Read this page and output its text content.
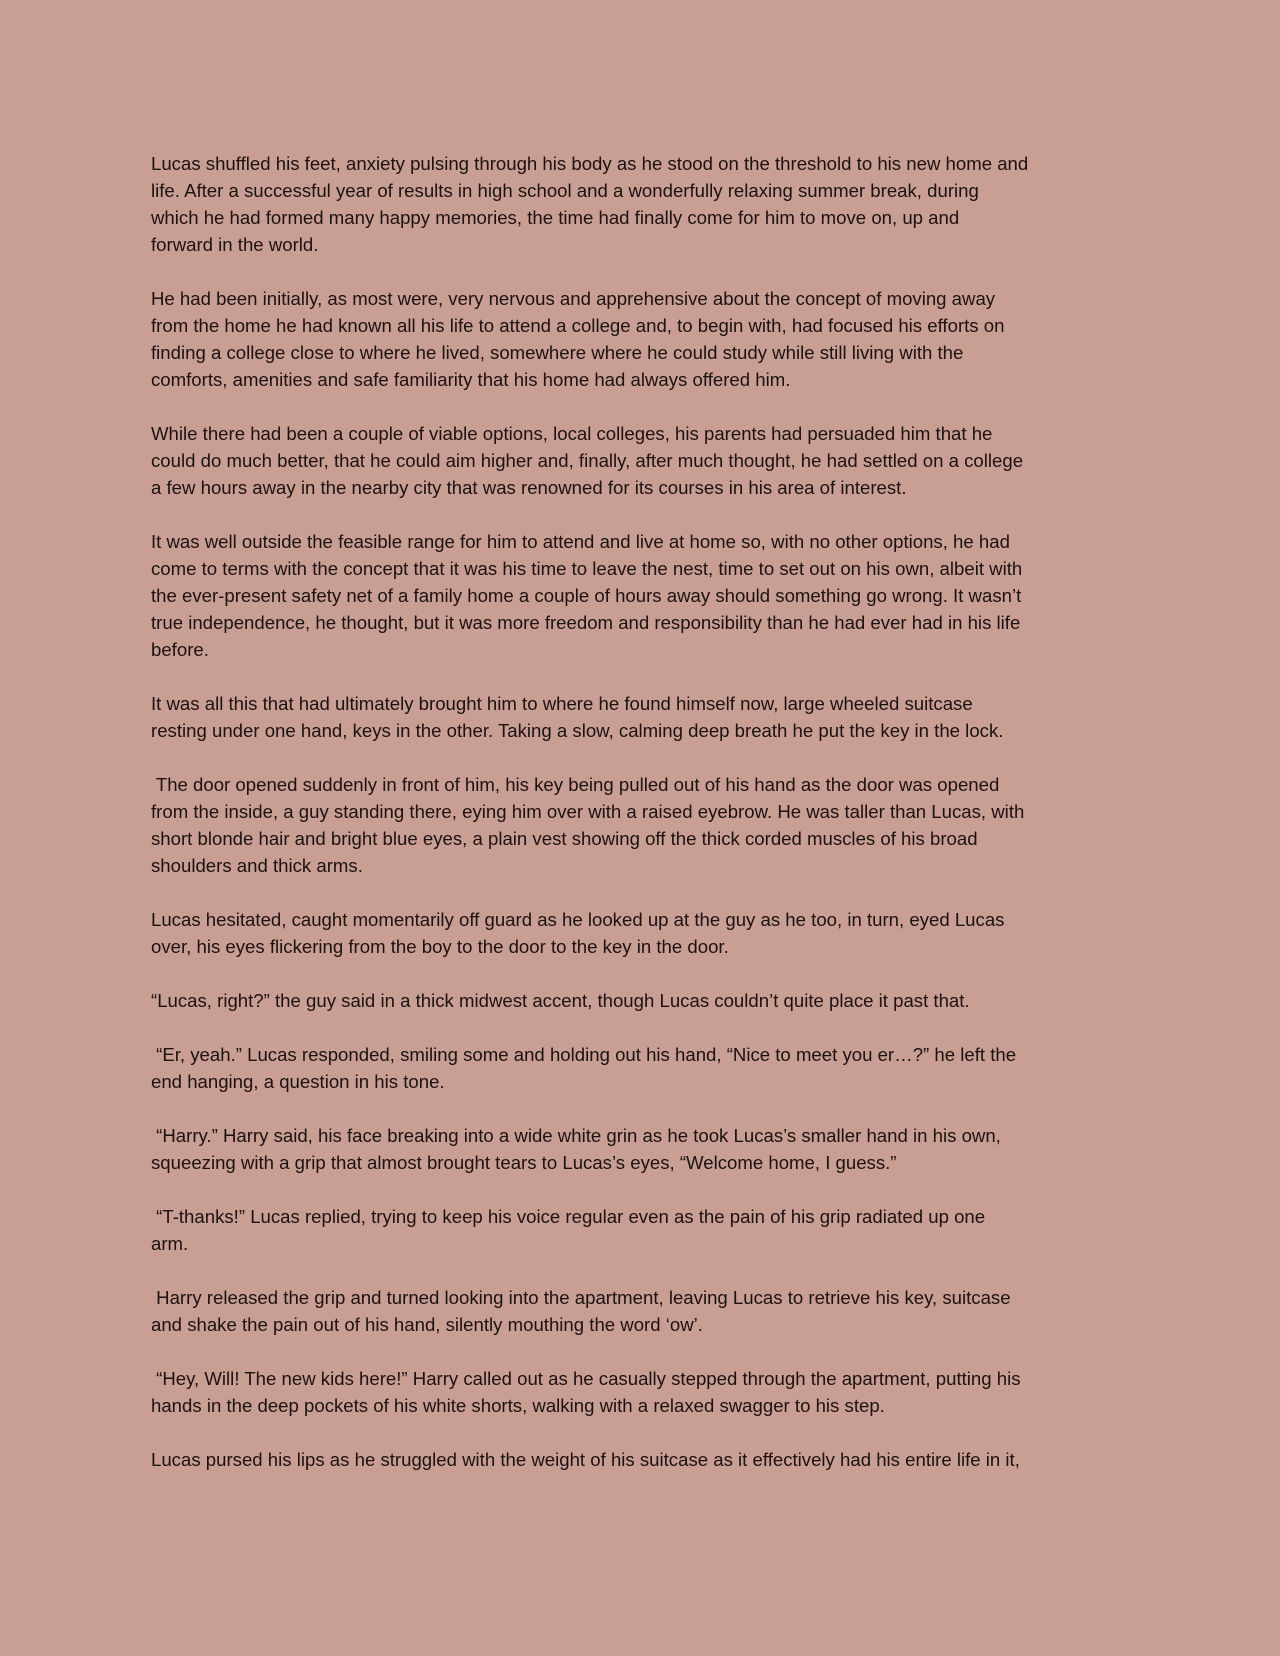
Lucas shuffled his feet, anxiety pulsing through his body as he stood on the threshold to his new home and
life. After a successful year of results in high school and a wonderfully relaxing summer break, during
which he had formed many happy memories, the time had finally come for him to move on, up and
forward in the world.
He had been initially, as most were, very nervous and apprehensive about the concept of moving away
from the home he had known all his life to attend a college and, to begin with, had focused his efforts on
finding a college close to where he lived, somewhere where he could study while still living with the
comforts, amenities and safe familiarity that his home had always offered him.
While there had been a couple of viable options, local colleges, his parents had persuaded him that he
could do much better, that he could aim higher and, finally, after much thought, he had settled on a college
a few hours away in the nearby city that was renowned for its courses in his area of interest.
It was well outside the feasible range for him to attend and live at home so, with no other options, he had
come to terms with the concept that it was his time to leave the nest, time to set out on his own, albeit with
the ever-present safety net of a family home a couple of hours away should something go wrong. It wasn’t
true independence, he thought, but it was more freedom and responsibility than he had ever had in his life
before.
It was all this that had ultimately brought him to where he found himself now, large wheeled suitcase
resting under one hand, keys in the other. Taking a slow, calming deep breath he put the key in the lock.
The door opened suddenly in front of him, his key being pulled out of his hand as the door was opened
from the inside, a guy standing there, eying him over with a raised eyebrow. He was taller than Lucas, with
short blonde hair and bright blue eyes, a plain vest showing off the thick corded muscles of his broad
shoulders and thick arms.
Lucas hesitated, caught momentarily off guard as he looked up at the guy as he too, in turn, eyed Lucas
over, his eyes flickering from the boy to the door to the key in the door.
“Lucas, right?” the guy said in a thick midwest accent, though Lucas couldn’t quite place it past that.
“Er, yeah.” Lucas responded, smiling some and holding out his hand, “Nice to meet you er…?” he left the
end hanging, a question in his tone.
“Harry.” Harry said, his face breaking into a wide white grin as he took Lucas’s smaller hand in his own,
squeezing with a grip that almost brought tears to Lucas’s eyes, “Welcome home, I guess.”
“T-thanks!” Lucas replied, trying to keep his voice regular even as the pain of his grip radiated up one
arm.
Harry released the grip and turned looking into the apartment, leaving Lucas to retrieve his key, suitcase
and shake the pain out of his hand, silently mouthing the word ‘ow’.
“Hey, Will! The new kids here!” Harry called out as he casually stepped through the apartment, putting his
hands in the deep pockets of his white shorts, walking with a relaxed swagger to his step.
Lucas pursed his lips as he struggled with the weight of his suitcase as it effectively had his entire life in it,
